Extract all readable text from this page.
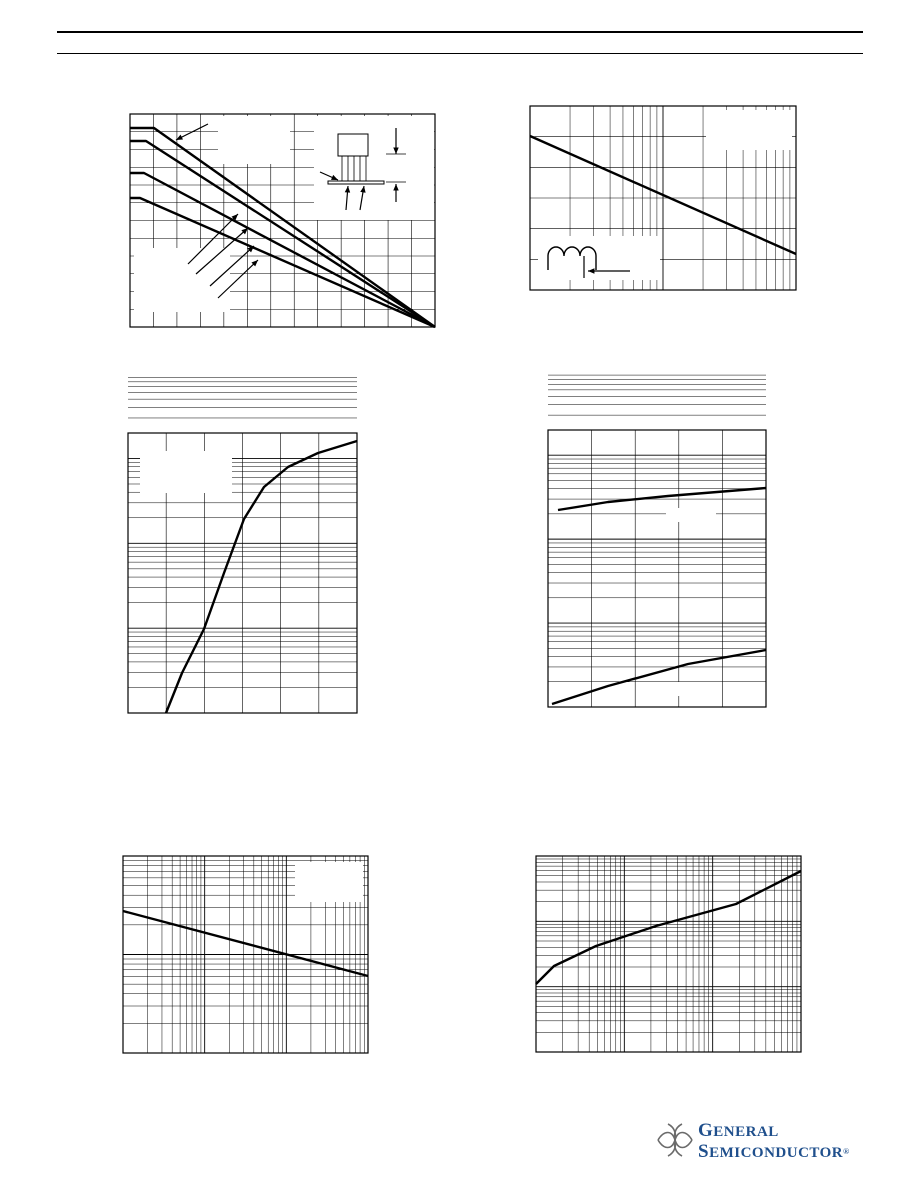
GENERAL
SEMICONDUCTOR®
